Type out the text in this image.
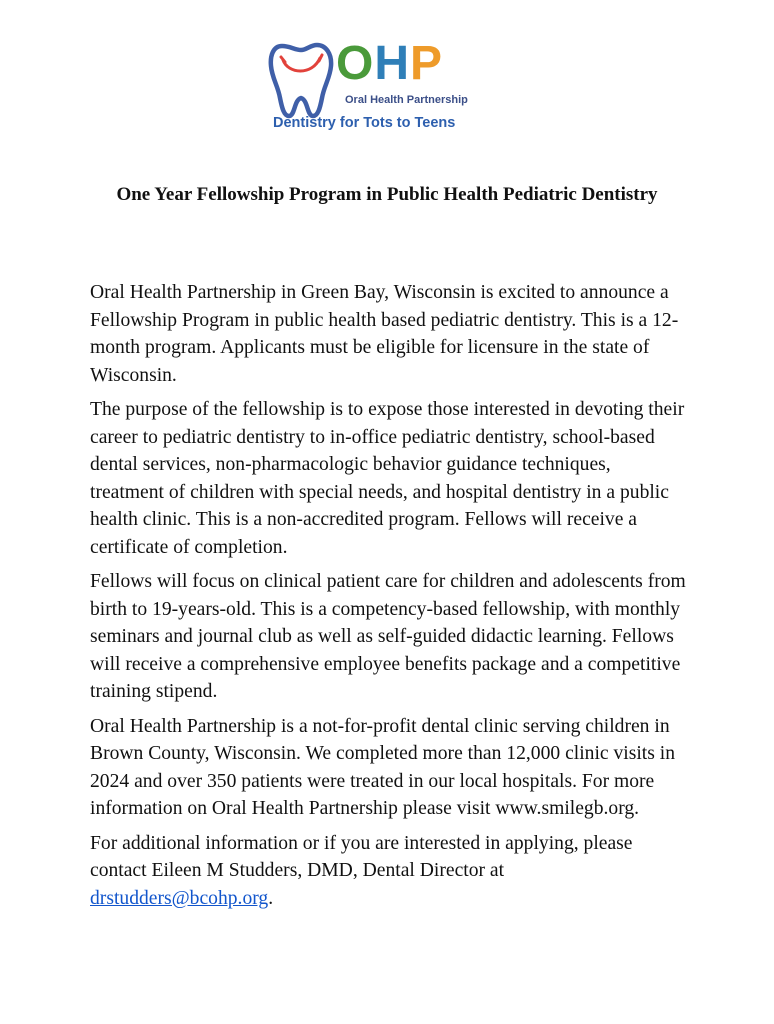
OHP
Oral Health Partnership
Dentistry for Tots to Teens
One Year Fellowship Program in Public Health Pediatric Dentistry

Oral Health Partnership in Green Bay, Wisconsin is excited to announce a Fellowship Program in public health based pediatric dentistry. This is a 12-month program. Applicants must be eligible for licensure in the state of Wisconsin.

The purpose of the fellowship is to expose those interested in devoting their career to pediatric dentistry to in-office pediatric dentistry, school-based dental services, non-pharmacologic behavior guidance techniques, treatment of children with special needs, and hospital dentistry in a public health clinic. This is a non-accredited program. Fellows will receive a certificate of completion.

Fellows will focus on clinical patient care for children and adolescents from birth to 19-years-old. This is a competency-based fellowship, with monthly seminars and journal club as well as self-guided didactic learning. Fellows will receive a comprehensive employee benefits package and a competitive training stipend.

Oral Health Partnership is a not-for-profit dental clinic serving children in Brown County, Wisconsin. We completed more than 12,000 clinic visits in 2024 and over 350 patients were treated in our local hospitals. For more information on Oral Health Partnership please visit www.smilegb.org.

For additional information or if you are interested in applying, please contact Eileen M Studders, DMD, Dental Director at drstudders@bcohp.org.
